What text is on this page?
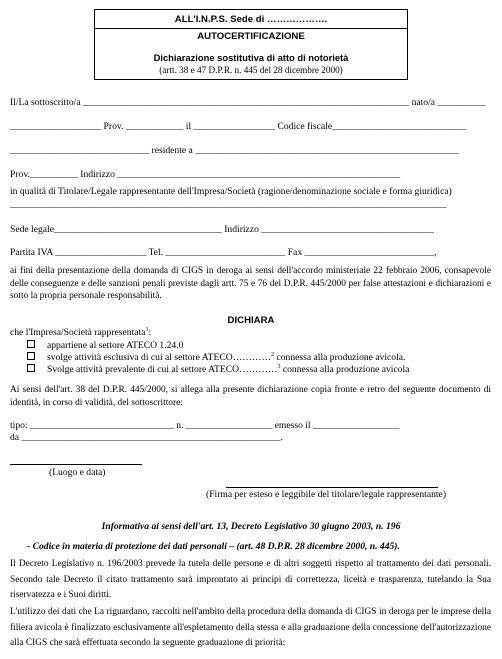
ALL'I.N.P.S. Sede di ……………….
AUTOCERTIFICAZIONE
Dichiarazione sostitutiva di atto di notorietà
(artt. 38 e 47 D.P.R. n. 445 del 28 dicembre 2000)
Il/La sottoscritto/a ____________________________________________________________________ nato/a __________
___________________ Prov. ____________ il _________________ Codice fiscale____________________________
_____________________________ residente a _______________________________________________________
Prov.__________ Indirizzo ___________________________________________________________
in qualità di Titolare/Legale rappresentante dell'Impresa/Società (ragione/denominazione sociale e forma giuridica)
___________________________________________________________________________________________
Sede legale___________________________________ Indirizzo ____________________________________
Partita IVA ___________________ Tel. _________________________ Fax ___________________________,
ai fini della presentazione della domanda di CIGS in deroga ai sensi dell'accordo ministeriale 22 febbraio 2006, consapevole delle conseguenze e delle sanzioni penali previste dagli artt. 75 e 76 del D.P.R. 445/2000 per false attestazioni e dichiarazioni e sotto la propria personale responsabilità.
DICHIARA
che l'Impresa/Società rappresentata$^1$:
appartiene al settore ATECO 1.24.0
svolge attività esclusiva di cui al settore ATECO…………$^2$ connessa alla produzione avicola.
Svolge attività prevalente di cui al settore ATECO…………$^3$ connessa alla produzione avicola
Ai sensi dell'art. 38 del D.P.R. 445/2000, si allega alla presente dichiarazione copia fronte e retro del seguente documento di identità, in corso di validità, del sottoscrittore:
tipo: ______________________________ n. __________________ emesso il __________________
da ______________________________________________________.
(Luogo e data)
(Firma per esteso e leggibile del titolare/legale rappresentante)
Informativa ai sensi dell'art. 13, Decreto Legislativo 30 giugno 2003, n. 196
- Codice in materia di protezione dei dati personali – (art. 48 D.P.R. 28 dicembre 2000, n. 445).
Il Decreto Legislativo n. 196/2003 prevede la tutela delle persone e di altri soggetti rispetto al trattamento dei dati personali. Secondo tale Decreto il citato trattamento sarà improntato ai principi di correttezza, liceità e trasparenza, tutelando la Sua riservatezza e i Suoi diritti.
L'utilizzo dei dati che La riguardano, raccolti nell'ambito della procedura della domanda di CIGS in deroga per le imprese della filiera avicola è finalizzato esclusivamente all'espletamento della stessa e alla graduazione della concessione dell'autorizzazione alla CIGS che sarà effettuata secondo la seguente graduazione di priorità:
